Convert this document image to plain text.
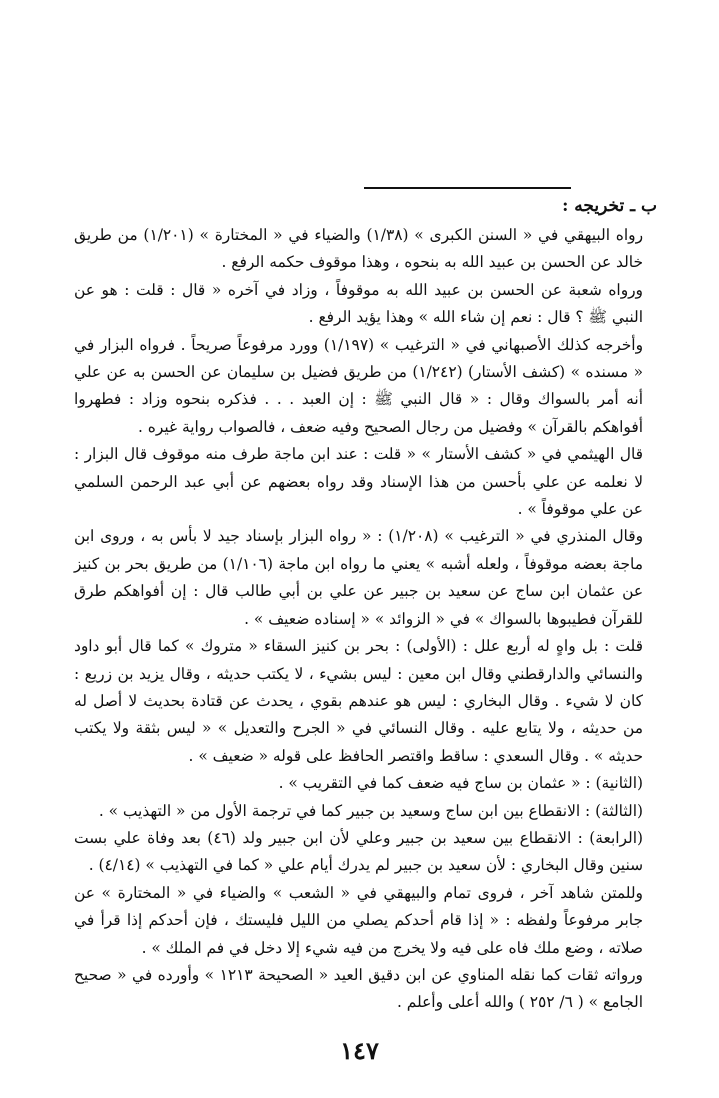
ب ـ تخريجه :

رواه البيهقي في « السنن الكبرى » (١/٣٨) والضياء في « المختارة » (١/٢٠١) من طريق خالد عن الحسن بن عبيد الله به بنحوه ، وهذا موقوف حكمه الرفع .

ورواه شعبة عن الحسن بن عبيد الله به موقوفاً ، وزاد في آخره « قال : قلت : هو عن النبي ﷺ ؟ قال : نعم إن شاء الله » وهذا يؤيد الرفع .

وأخرجه كذلك الأصبهاني في « الترغيب » (١/١٩٧) وورد مرفوعاً صريحاً . فرواه البزار في « مسنده » (كشف الأستار) (١/٢٤٢) من طريق فضيل بن سليمان عن الحسن به عن علي أنه أمر بالسواك وقال : « قال النبي ﷺ : إن العبد . . . فذكره بنحوه وزاد : فطهروا أفواهكم بالقرآن » وفضيل من رجال الصحيح وفيه ضعف ، فالصواب رواية غيره .

قال الهيثمي في « كشف الأستار » « قلت : عند ابن ماجة طرف منه موقوف قال البزار : لا نعلمه عن علي بأحسن من هذا الإسناد وقد رواه بعضهم عن أبي عبد الرحمن السلمي عن علي موقوفاً » .

وقال المنذري في « الترغيب » (١/٢٠٨) : « رواه البزار بإسناد جيد لا بأس به ، وروى ابن ماجة بعضه موقوفاً ، ولعله أشبه » يعني ما رواه ابن ماجة (١/١٠٦) من طريق بحر بن كنيز عن عثمان ابن ساج عن سعيد بن جبير عن علي بن أبي طالب قال : إن أفواهكم طرق للقرآن فطيبوها بالسواك » في « الزوائد » « إسناده ضعيف » .

قلت : بل واهٍ له أربع علل : (الأولى) : بحر بن كنيز السقاء « متروك » كما قال أبو داود والنسائي والدارقطني وقال ابن معين : ليس بشيء ، لا يكتب حديثه ، وقال يزيد بن زريع : كان لا شيء . وقال البخاري : ليس هو عندهم بقوي ، يحدث عن قتادة بحديث لا أصل له من حديثه ، ولا يتابع عليه . وقال النسائي في « الجرح والتعديل » « ليس بثقة ولا يكتب حديثه » . وقال السعدي : ساقط واقتصر الحافظ على قوله « ضعيف » .

(الثانية) : « عثمان بن ساج فيه ضعف كما في التقريب » .

(الثالثة) : الانقطاع بين ابن ساج وسعيد بن جبير كما في ترجمة الأول من « التهذيب » .

(الرابعة) : الانقطاع بين سعيد بن جبير وعلي لأن ابن جبير ولد (٤٦) بعد وفاة علي بست سنين وقال البخاري : لأن سعيد بن جبير لم يدرك أيام علي « كما في التهذيب » (٤/١٤) .

وللمتن شاهد آخر ، فروى تمام والبيهقي في « الشعب » والضياء في « المختارة » عن جابر مرفوعاً ولفظه : « إذا قام أحدكم يصلي من الليل فليستك ، فإن أحدكم إذا قرأ في صلاته ، وضع ملك فاه على فيه ولا يخرج من فيه شيء إلا دخل في فم الملك » .

ورواته ثقات كما نقله المناوي عن ابن دقيق العيد « الصحيحة ١٢١٣ » وأورده في « صحيح الجامع » ( ٦/ ٢٥٢ ) والله أعلى وأعلم .

١٤٧
